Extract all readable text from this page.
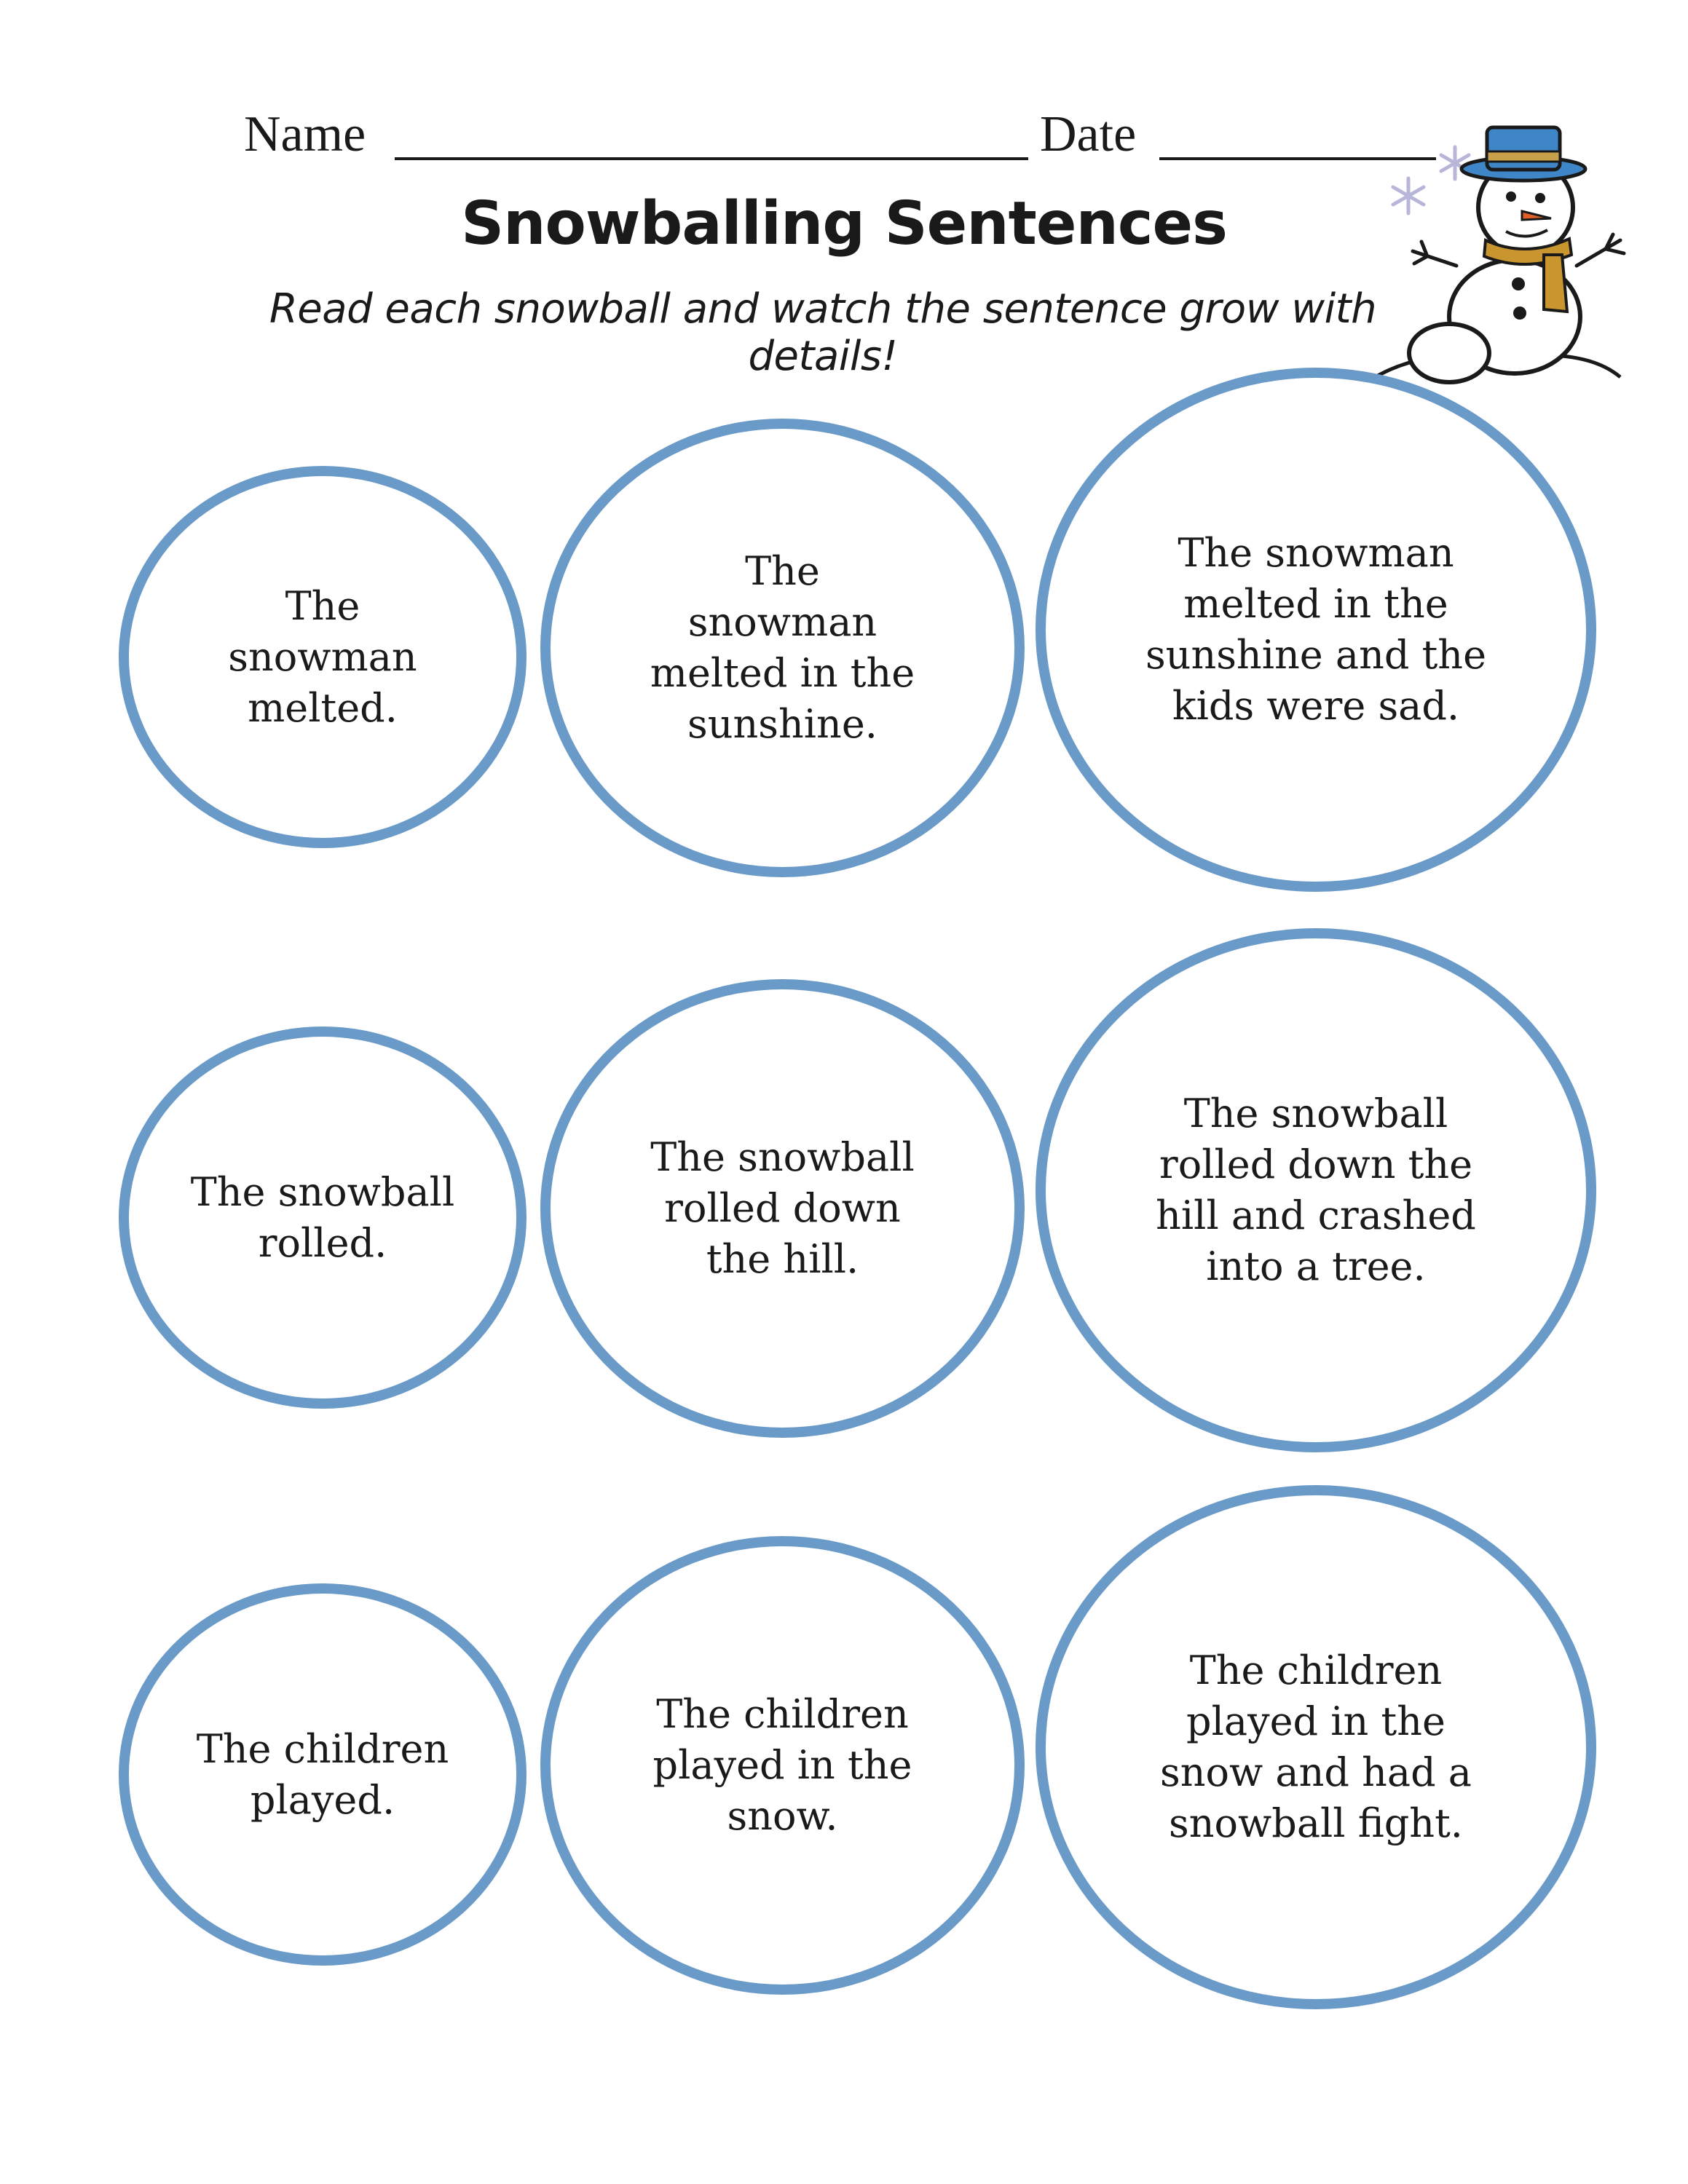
Name	Date
Snowballing Sentences
Read each snowball and watch the sentence grow with details!
The
snowman
melted.
The
snowman
melted in the
sunshine.
The snowman
melted in the
sunshine and the
kids were sad.
The snowball
rolled.
The snowball
rolled down
the hill.
The snowball
rolled down the
hill and crashed
into a tree.
The children
played.
The children
played in the
snow.
The children
played in the
snow and had a
snowball fight.
